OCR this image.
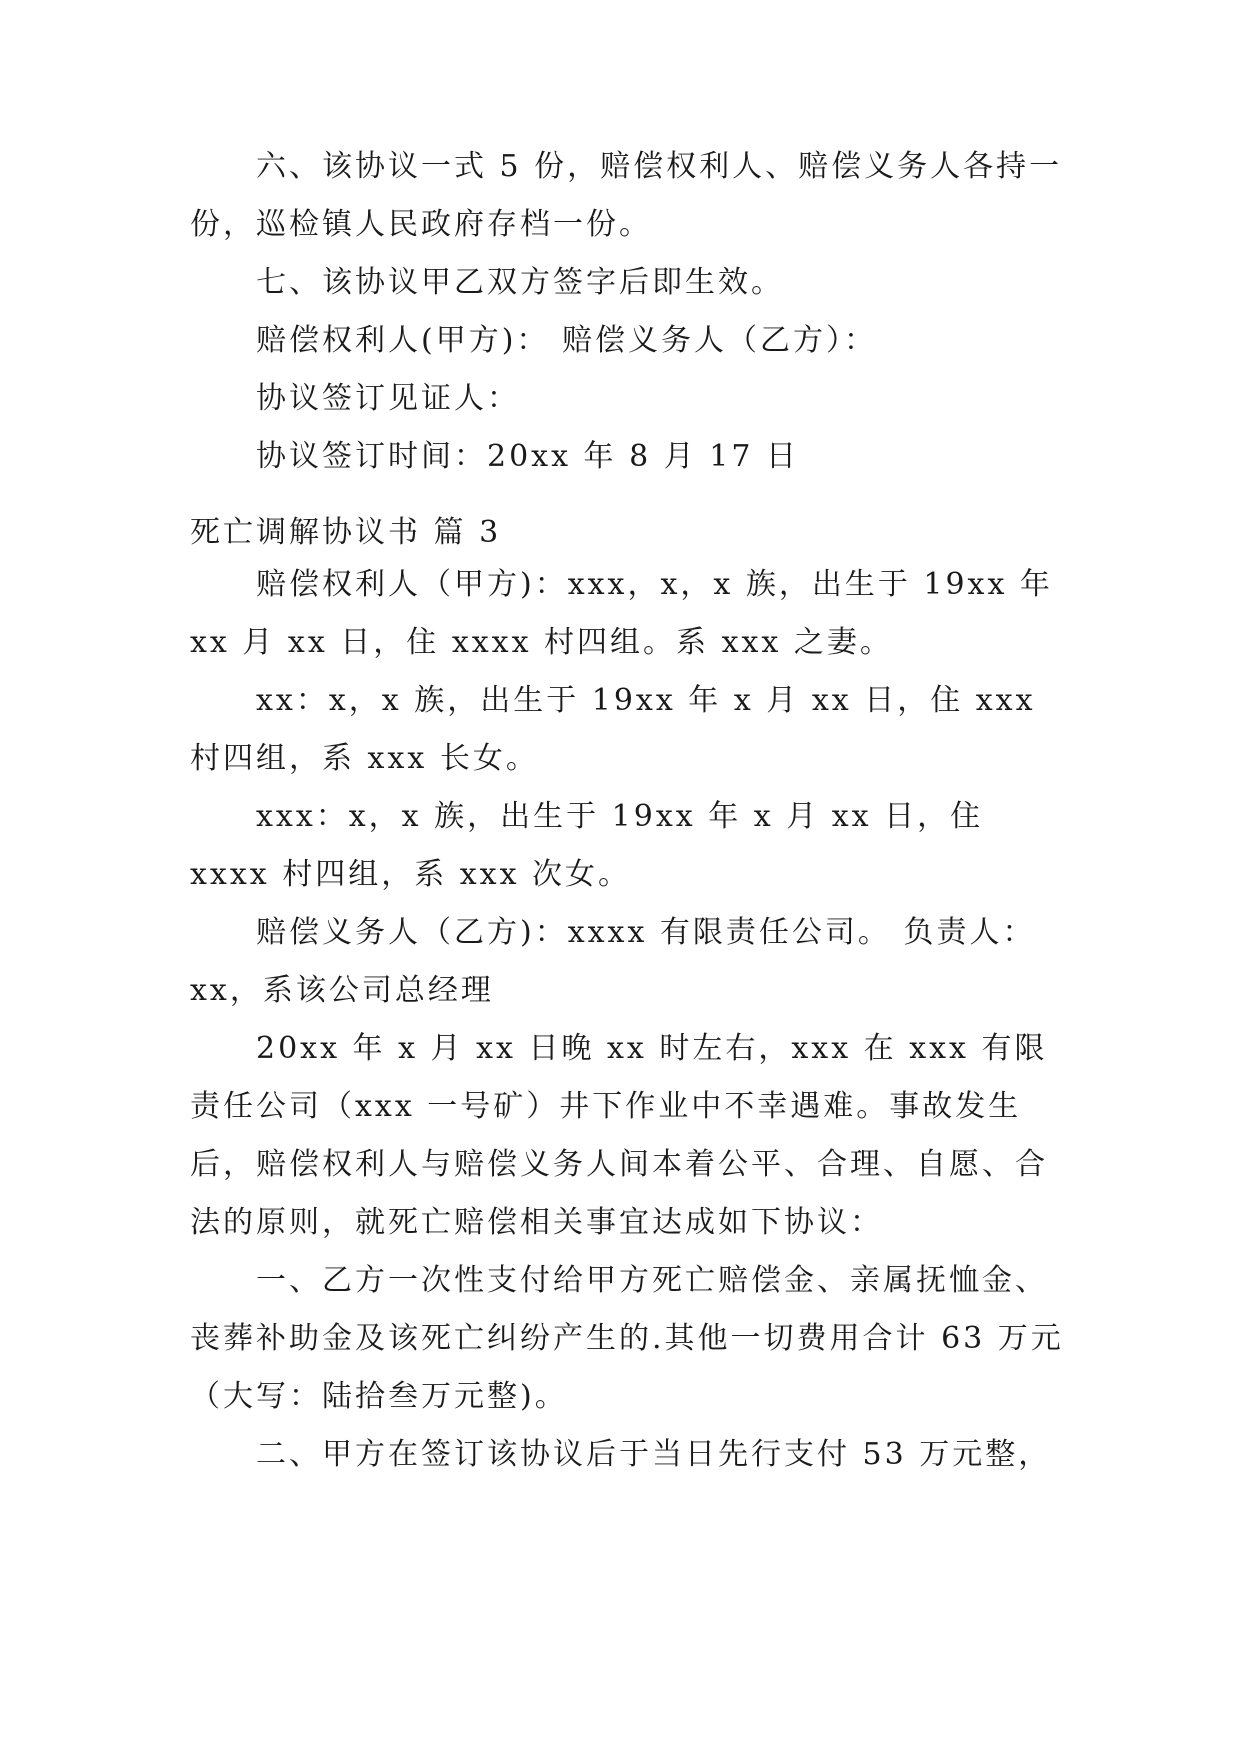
六、该协议一式 5 份，赔偿权利人、赔偿义务人各持一份，巡检镇人民政府存档一份。

七、该协议甲乙双方签字后即生效。

赔偿权利人(甲方)： 赔偿义务人（乙方）：

协议签订见证人：

协议签订时间：20xx 年 8 月 17 日

死亡调解协议书 篇 3

赔偿权利人（甲方)：xxx，x，x 族，出生于 19xx 年 xx 月 xx 日，住 xxxx 村四组。系 xxx 之妻。

xx：x，x 族，出生于 19xx 年 x 月 xx 日，住 xxx 村四组，系 xxx 长女。

xxx：x，x 族，出生于 19xx 年 x 月 xx 日，住 xxxx 村四组，系 xxx 次女。

赔偿义务人（乙方)：xxxx 有限责任公司。 负责人：xx，系该公司总经理

20xx 年 x 月 xx 日晚 xx 时左右，xxx 在 xxx 有限责任公司（xxx 一号矿）井下作业中不幸遇难。事故发生后，赔偿权利人与赔偿义务人间本着公平、合理、自愿、合法的原则，就死亡赔偿相关事宜达成如下协议：

一、乙方一次性支付给甲方死亡赔偿金、亲属抚恤金、丧葬补助金及该死亡纠纷产生的.其他一切费用合计 63 万元（大写：陆拾叁万元整)。

二、甲方在签订该协议后于当日先行支付 53 万元整，
